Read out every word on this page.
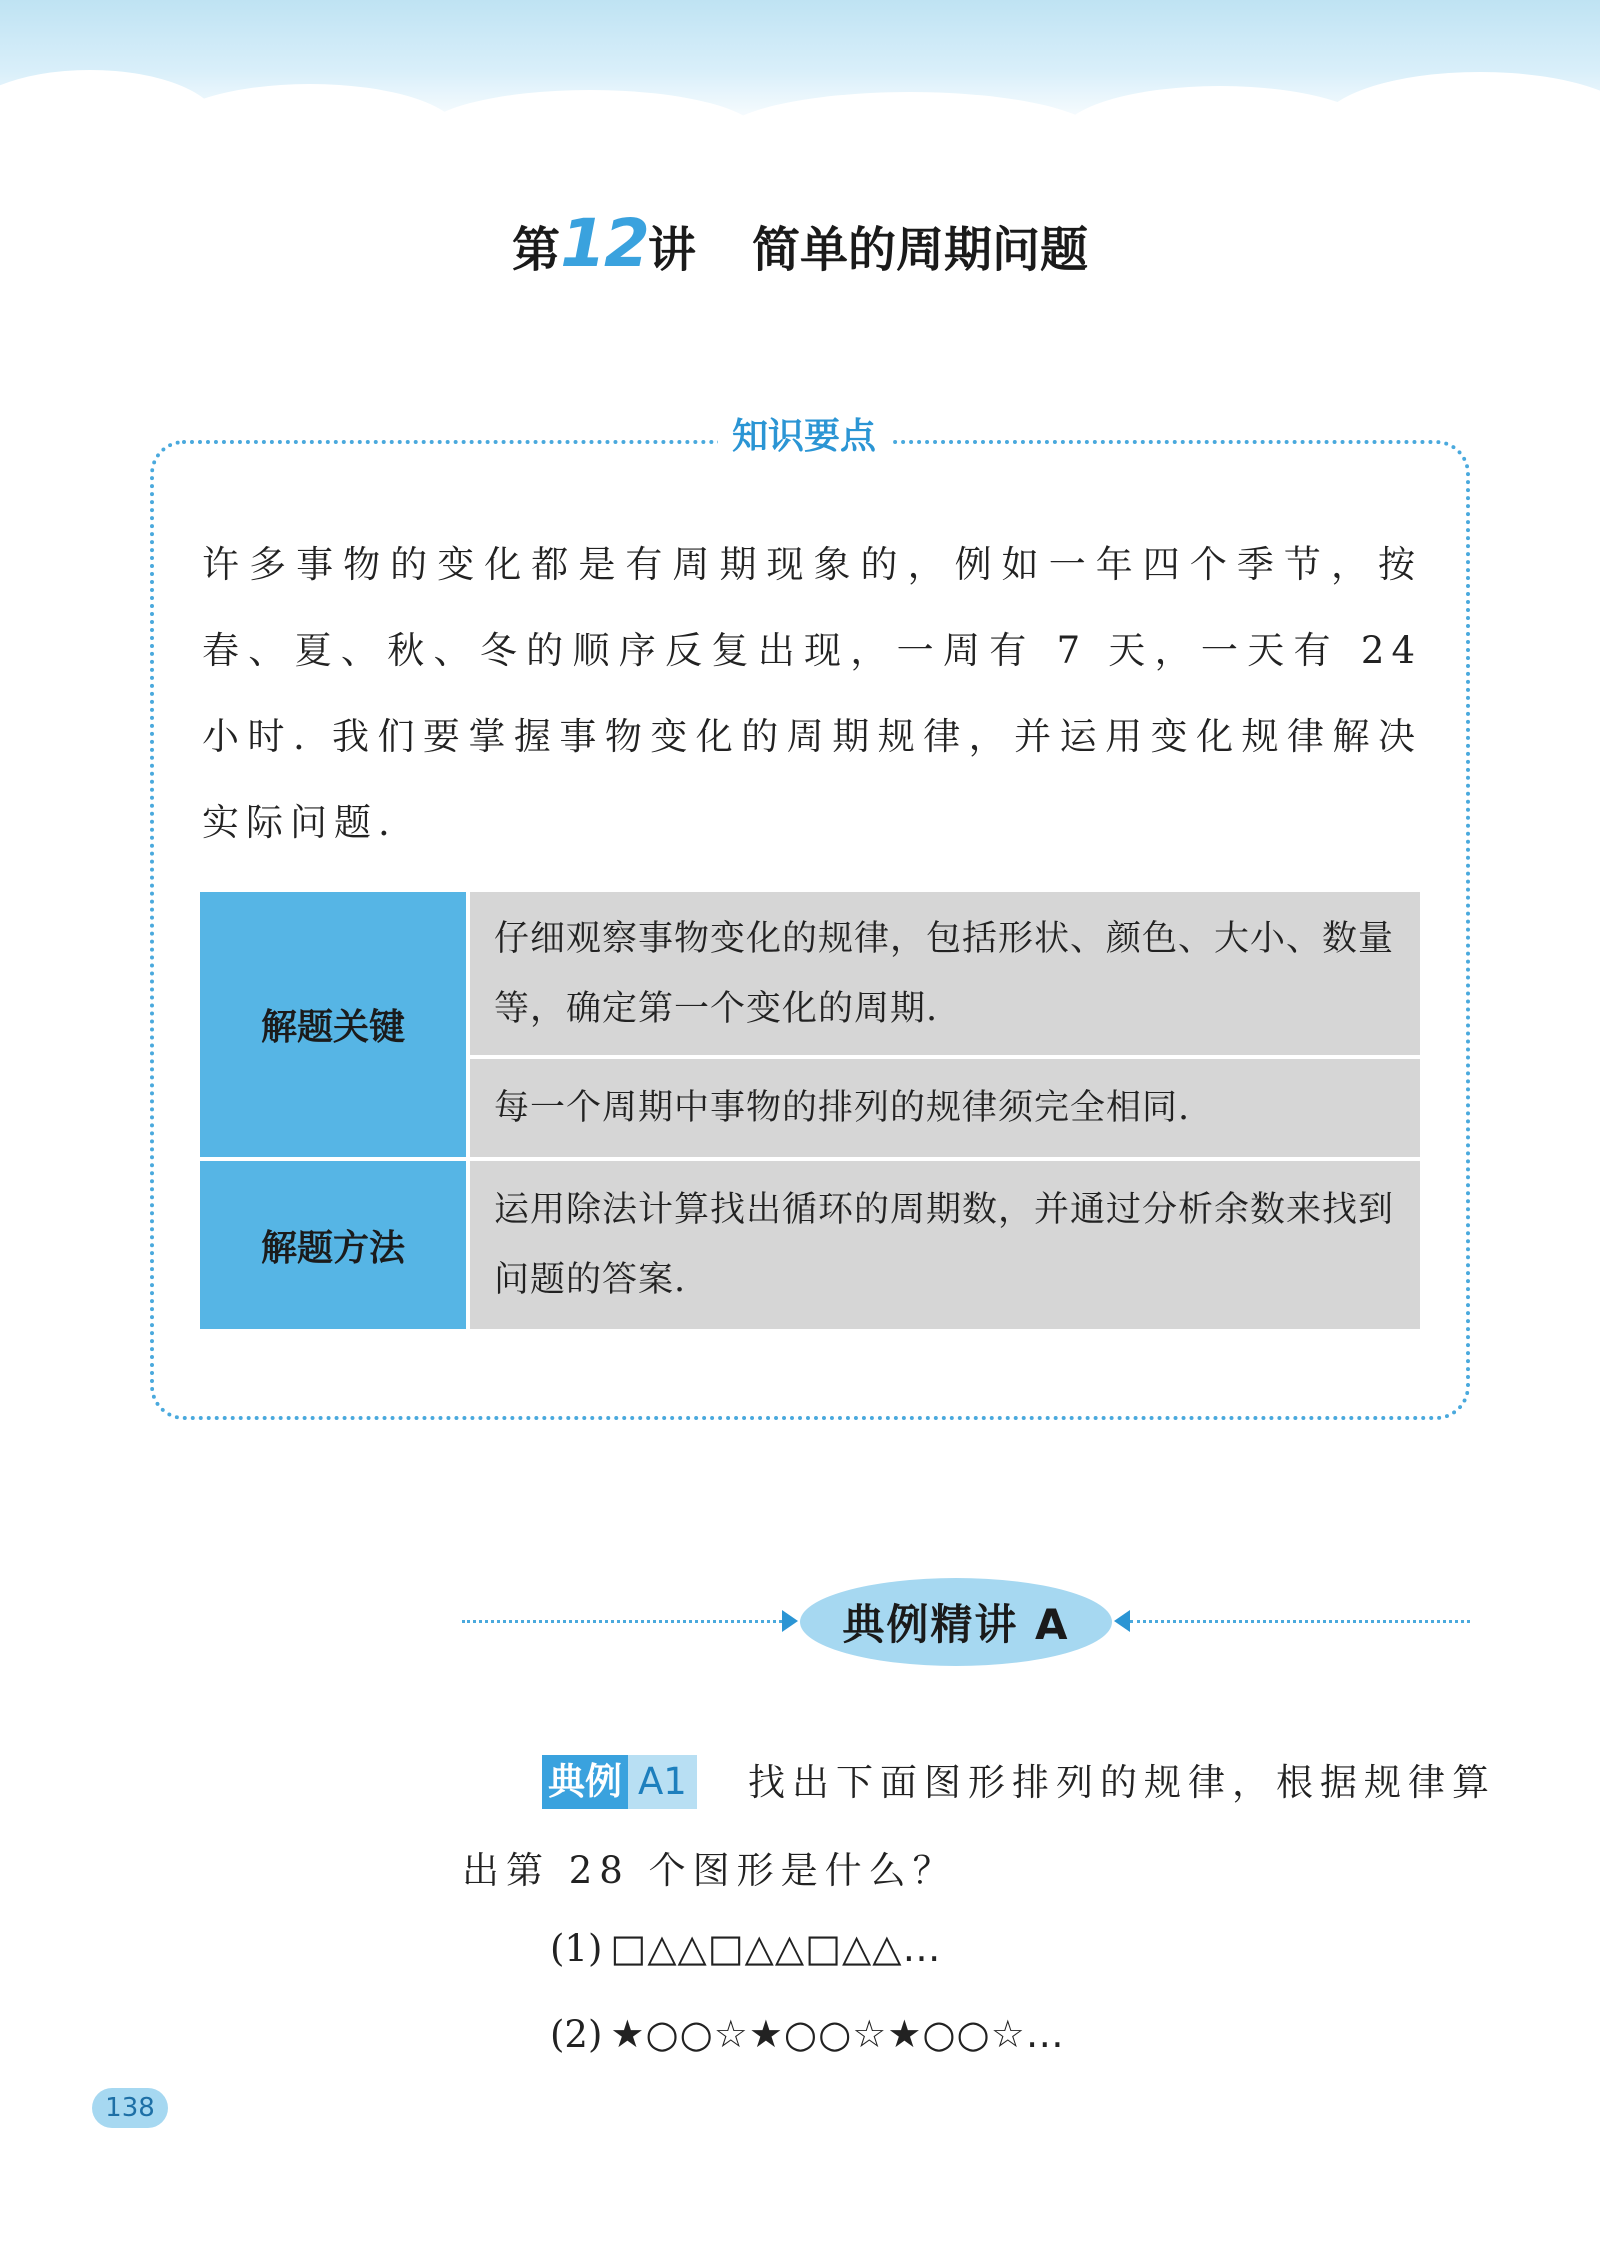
第12讲 简单的周期问题
知识要点

许多事物的变化都是有周期现象的，例如一年四个季节，按春、夏、秋、冬的顺序反复出现，一周有 7 天，一天有 24 小时. 我们要掌握事物变化的周期规律，并运用变化规律解决实际问题.

解题关键
仔细观察事物变化的规律，包括形状、颜色、大小、数量等，确定第一个变化的周期.
每一个周期中事物的排列的规律须完全相同.
解题方法
运用除法计算找出循环的周期数，并通过分析余数来找到问题的答案.
典例精讲 A
典例 A1 找出下面图形排列的规律，根据规律算
出第 28 个图形是什么？
(1) □△△□△△□△△…
(2) ★○○☆★○○☆★○○☆…
138
